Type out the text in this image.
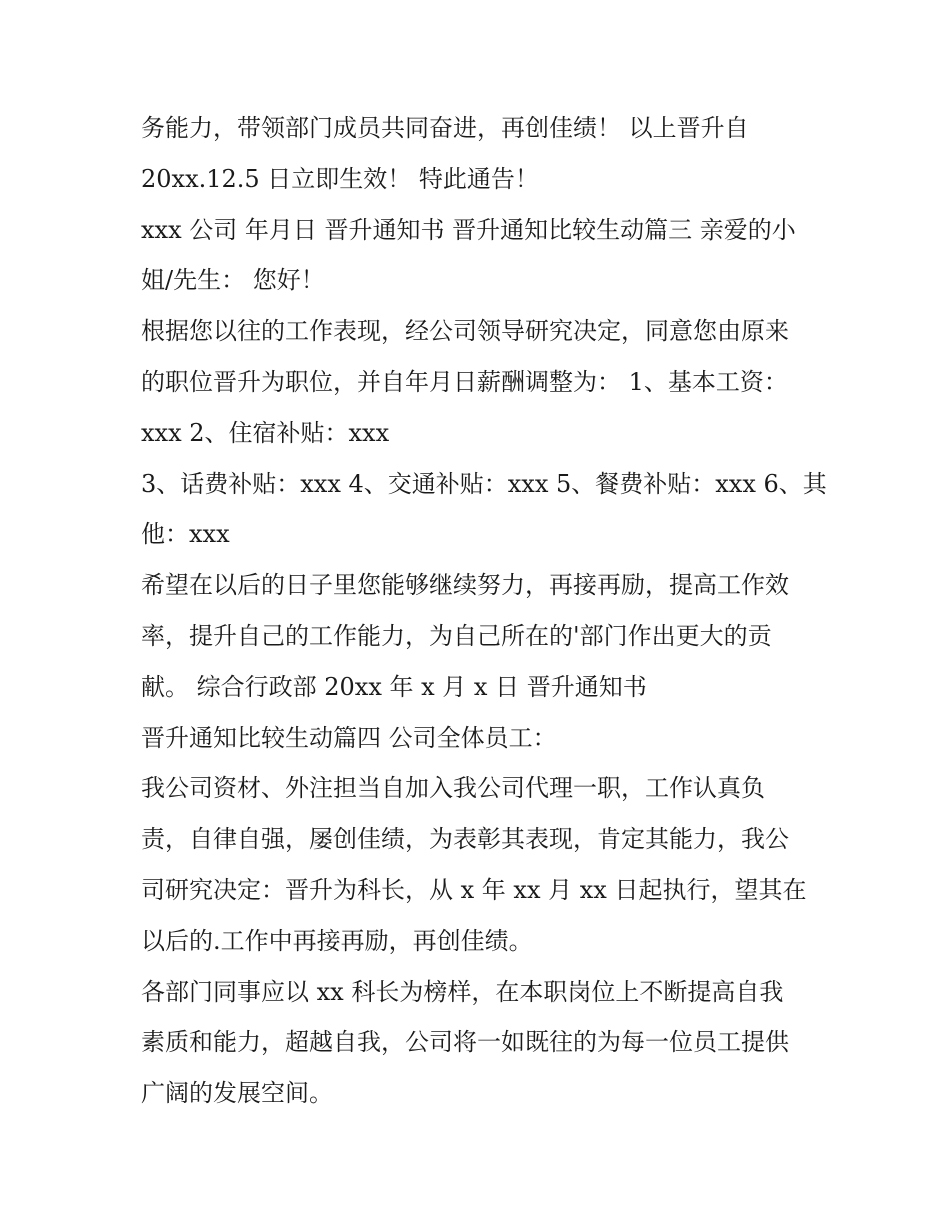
务能力，带领部门成员共同奋进，再创佳绩！ 以上晋升自
20xx.12.5 日立即生效！ 特此通告！
xxx 公司 年月日 晋升通知书 晋升通知比较生动篇三 亲爱的小
姐/先生： 您好！
根据您以往的工作表现，经公司领导研究决定，同意您由原来
的职位晋升为职位，并自年月日薪酬调整为： 1、基本工资：
xxx 2、住宿补贴：xxx
3、话费补贴：xxx 4、交通补贴：xxx 5、餐费补贴：xxx 6、其
他：xxx
希望在以后的日子里您能够继续努力，再接再励，提高工作效
率，提升自己的工作能力，为自己所在的'部门作出更大的贡
献。 综合行政部 20xx 年 x 月 x 日 晋升通知书
晋升通知比较生动篇四 公司全体员工：
我公司资材、外注担当自加入我公司代理一职，工作认真负
责，自律自强，屡创佳绩，为表彰其表现，肯定其能力，我公
司研究决定：晋升为科长，从 x 年 xx 月 xx 日起执行，望其在
以后的.工作中再接再励，再创佳绩。
各部门同事应以 xx 科长为榜样，在本职岗位上不断提高自我
素质和能力，超越自我，公司将一如既往的为每一位员工提供
广阔的发展空间。
